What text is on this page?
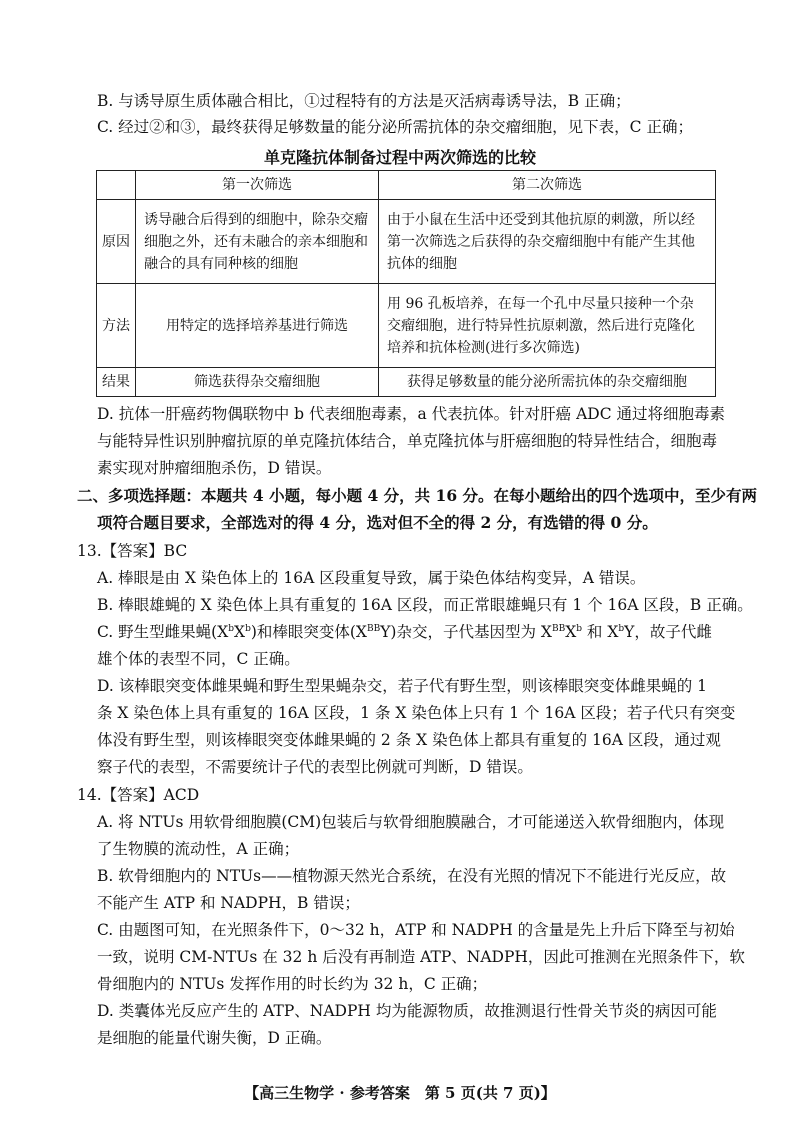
B. 与诱导原生质体融合相比，①过程特有的方法是灭活病毒诱导法，B 正确；
C. 经过②和③，最终获得足够数量的能分泌所需抗体的杂交瘤细胞，见下表，C 正确；
单克隆抗体制备过程中两次筛选的比较
	第一次筛选	第二次筛选
原因	诱导融合后得到的细胞中，除杂交瘤细胞之外，还有未融合的亲本细胞和融合的具有同种核的细胞	由于小鼠在生活中还受到其他抗原的刺激，所以经第一次筛选之后获得的杂交瘤细胞中有能产生其他抗体的细胞
方法	用特定的选择培养基进行筛选	用 96 孔板培养，在每一个孔中尽量只接种一个杂交瘤细胞，进行特异性抗原刺激，然后进行克隆化培养和抗体检测(进行多次筛选)
结果	筛选获得杂交瘤细胞	获得足够数量的能分泌所需抗体的杂交瘤细胞
D. 抗体一肝癌药物偶联物中 b 代表细胞毒素，a 代表抗体。针对肝癌 ADC 通过将细胞毒素
与能特异性识别肿瘤抗原的单克隆抗体结合，单克隆抗体与肝癌细胞的特异性结合，细胞毒
素实现对肿瘤细胞杀伤，D 错误。
二、多项选择题：本题共 4 小题，每小题 4 分，共 16 分。在每小题给出的四个选项中，至少有两
项符合题目要求，全部选对的得 4 分，选对但不全的得 2 分，有选错的得 0 分。
13.【答案】BC
A. 棒眼是由 X 染色体上的 16A 区段重复导致，属于染色体结构变异，A 错误。
B. 棒眼雄蝇的 X 染色体上具有重复的 16A 区段，而正常眼雄蝇只有 1 个 16A 区段，B 正确。
C. 野生型雌果蝇$(X^bX^b)$和棒眼突变体$(X^{BB}Y)$杂交，子代基因型为 $X^{BB}X^b$ 和 $X^bY$，故子代雌
雄个体的表型不同，C 正确。
D. 该棒眼突变体雌果蝇和野生型果蝇杂交，若子代有野生型，则该棒眼突变体雌果蝇的 1
条 X 染色体上具有重复的 16A 区段，1 条 X 染色体上只有 1 个 16A 区段；若子代只有突变
体没有野生型，则该棒眼突变体雌果蝇的 2 条 X 染色体上都具有重复的 16A 区段，通过观
察子代的表型，不需要统计子代的表型比例就可判断，D 错误。
14.【答案】ACD
A. 将 NTUs 用软骨细胞膜(CM)包装后与软骨细胞膜融合，才可能递送入软骨细胞内，体现
了生物膜的流动性，A 正确；
B. 软骨细胞内的 NTUs——植物源天然光合系统，在没有光照的情况下不能进行光反应，故
不能产生 ATP 和 NADPH，B 错误；
C. 由题图可知，在光照条件下，0～32 h，ATP 和 NADPH 的含量是先上升后下降至与初始
一致，说明 CM-NTUs 在 32 h 后没有再制造 ATP、NADPH，因此可推测在光照条件下，软
骨细胞内的 NTUs 发挥作用的时长约为 32 h，C 正确；
D. 类囊体光反应产生的 ATP、NADPH 均为能源物质，故推测退行性骨关节炎的病因可能
是细胞的能量代谢失衡，D 正确。
【高三生物学 · 参考答案　第 5 页(共 7 页)】
